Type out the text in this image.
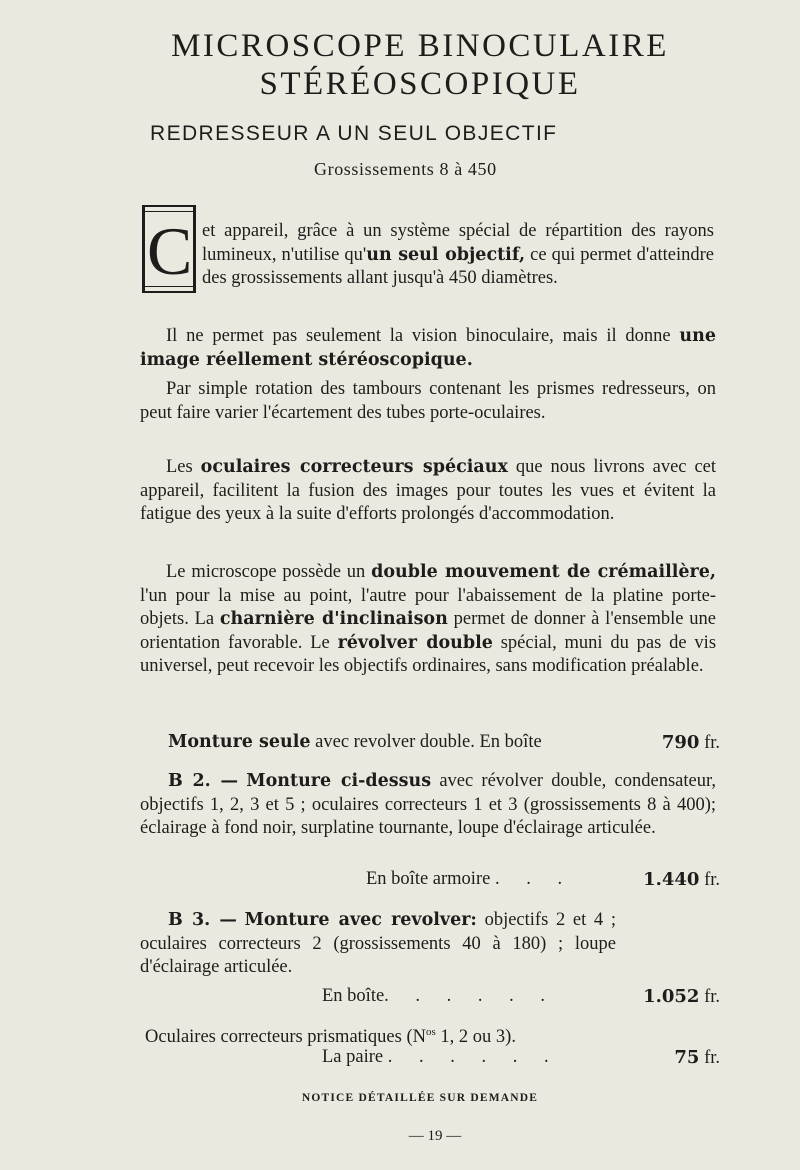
MICROSCOPE BINOCULAIRE
STÉRÉOSCOPIQUE
REDRESSEUR A UN SEUL OBJECTIF
Grossissements 8 à 450
C et appareil, grâce à un système spécial de répartition des rayons lumineux, n'utilise qu'un seul objectif, ce qui permet d'atteindre des grossissements allant jusqu'à 450 diamètres.
Il ne permet pas seulement la vision binoculaire, mais il donne une image réellement stéréoscopique.
Par simple rotation des tambours contenant les prismes redresseurs, on peut faire varier l'écartement des tubes porte-oculaires.
Les oculaires correcteurs spéciaux que nous livrons avec cet appareil, facilitent la fusion des images pour toutes les vues et évitent la fatigue des yeux à la suite d'efforts prolongés d'accommodation.
Le microscope possède un double mouvement de crémaillère, l'un pour la mise au point, l'autre pour l'abaissement de la platine porte-objets. La charnière d'inclinaison permet de donner à l'ensemble une orientation favorable. Le révolver double spécial, muni du pas de vis universel, peut recevoir les objectifs ordinaires, sans modification préalable.
Monture seule avec revolver double. En boîte	790 fr.
B 2. — Monture ci-dessus avec révolver double, condensateur, objectifs 1, 2, 3 et 5 ; oculaires correcteurs 1 et 3 (grossissements 8 à 400); éclairage à fond noir, surplatine tournante, loupe d'éclairage articulée.
En boîte armoire . . .	1.440 fr.
B 3. — Monture avec revolver: objectifs 2 et 4 ; oculaires correcteurs 2 (grossissements 40 à 180) ; loupe d'éclairage articulée.
En boîte. . . . . .	1.052 fr.
Oculaires correcteurs prismatiques ($N^{os}$ 1, 2 ou 3).
La paire . . . . . .	75 fr.
NOTICE DÉTAILLÉE SUR DEMANDE
— 19 —
